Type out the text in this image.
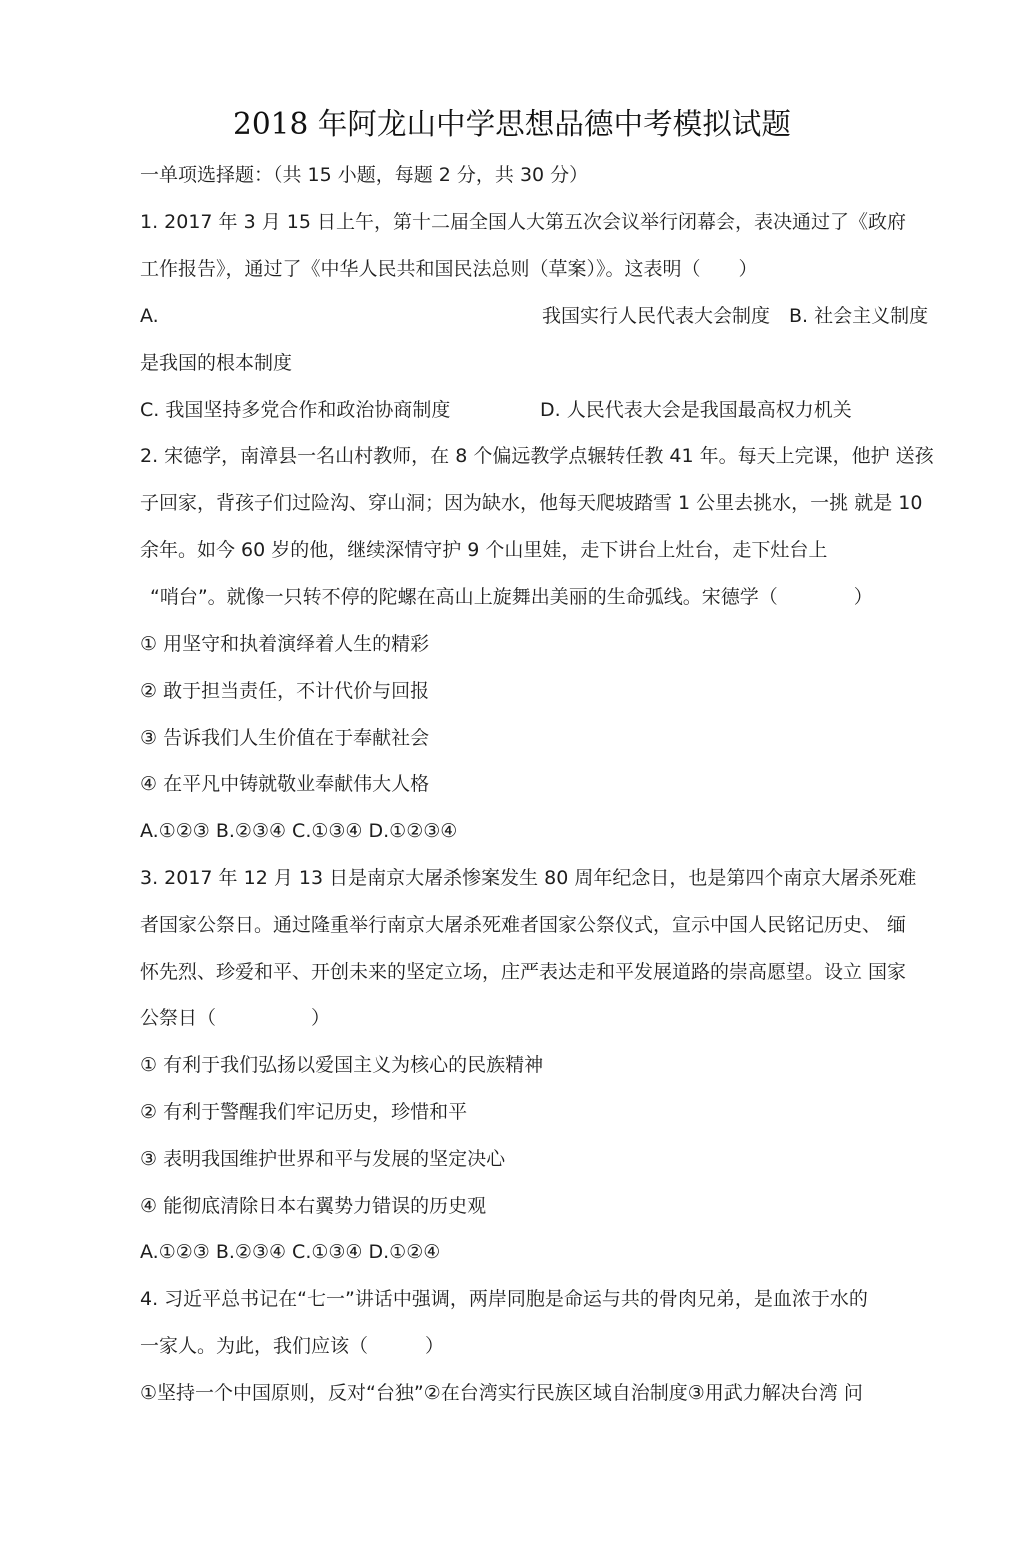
2018 年阿龙山中学思想品德中考模拟试题
一单项选择题：（共 15 小题，每题 2 分，共 30 分）
1. 2017 年 3 月 15 日上午，第十二届全国人大第五次会议举行闭幕会，表决通过了《政府
工作报告》，通过了《中华人民共和国民法总则（草案）》。这表明（　　）
A.	我国实行人民代表大会制度　B. 社会主义制度
是我国的根本制度
C. 我国坚持多党合作和政治协商制度	D. 人民代表大会是我国最高权力机关
2. 宋德学，南漳县一名山村教师，在 8 个偏远教学点辗转任教 41 年。每天上完课，他护 送孩
子回家，背孩子们过险沟、穿山洞；因为缺水，他每天爬坡踏雪 1 公里去挑水，一挑 就是 10
余年。如今 60 岁的他，继续深情守护 9 个山里娃，走下讲台上灶台，走下灶台上
“哨台”。就像一只转不停的陀螺在高山上旋舞出美丽的生命弧线。宋德学（　　　　）
① 用坚守和执着演绎着人生的精彩
② 敢于担当责任，不计代价与回报
③ 告诉我们人生价值在于奉献社会
④ 在平凡中铸就敬业奉献伟大人格
A.①②③ B.②③④ C.①③④ D.①②③④
3. 2017 年 12 月 13 日是南京大屠杀惨案发生 80 周年纪念日，也是第四个南京大屠杀死难
者国家公祭日。通过隆重举行南京大屠杀死难者国家公祭仪式，宣示中国人民铭记历史、 缅
怀先烈、珍爱和平、开创未来的坚定立场，庄严表达走和平发展道路的崇高愿望。设立 国家
公祭日（　　　　　）
① 有利于我们弘扬以爱国主义为核心的民族精神
② 有利于警醒我们牢记历史，珍惜和平
③ 表明我国维护世界和平与发展的坚定决心
④ 能彻底清除日本右翼势力错误的历史观
A.①②③ B.②③④ C.①③④ D.①②④
4. 习近平总书记在“七一”讲话中强调，两岸同胞是命运与共的骨肉兄弟，是血浓于水的
一家人。为此，我们应该（　　　）
①坚持一个中国原则，反对“台独”②在台湾实行民族区域自治制度③用武力解决台湾 问
